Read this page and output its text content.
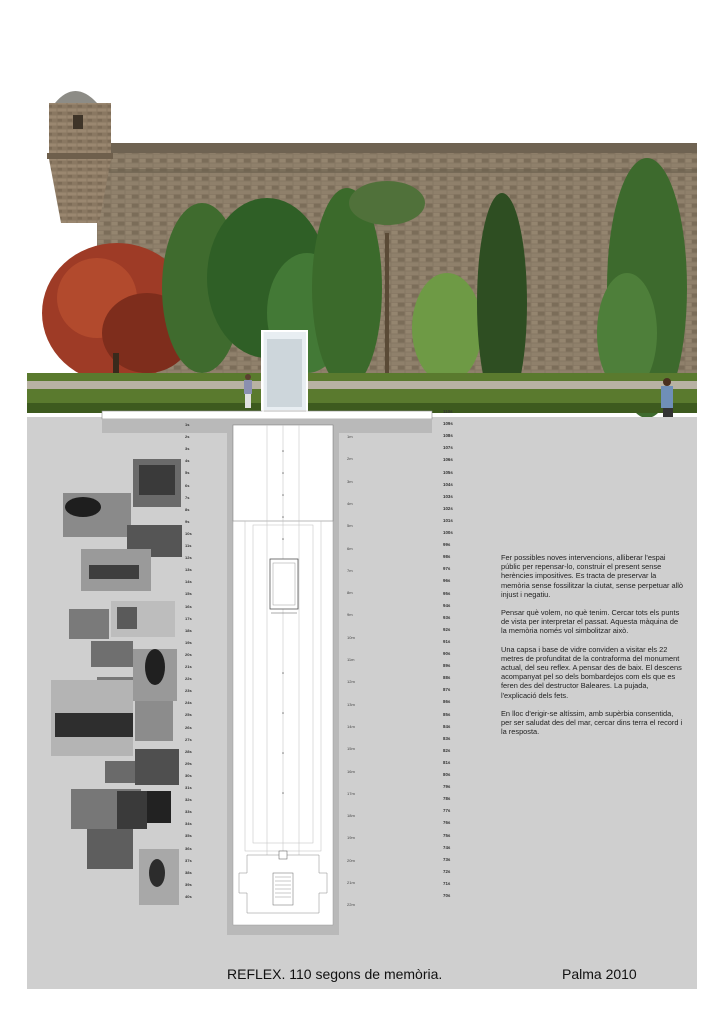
1s
2s
3s
4s
5s
6s
7s
8s
9s
10s
11s
12s
13s
14s
15s
16s
17s
18s
19s
20s
21s
22s
23s
24s
25s
26s
27s
28s
29s
30s
31s
32s
33s
34s
35s
36s
37s
38s
39s
40s
1m
2m
3m
4m
5m
6m
7m
8m
9m
10m
11m
12m
13m
14m
15m
16m
17m
18m
19m
20m
21m
22m
110s
109s
108s
107s
106s
105s
104s
103s
102s
101s
100s
99s
98s
97s
96s
95s
94s
93s
92s
91s
90s
89s
88s
87s
86s
85s
84s
83s
82s
81s
80s
79s
78s
77s
76s
75s
74s
73s
72s
71s
70s

Fer possibles noves intervencions, alliberar l'espai públic per repensar-lo, construir el present sense herències impositives. Es tracta de preservar la memòria sense fossilitzar la ciutat, sense perpetuar allò injust i negatiu.

Pensar què volem, no què tenim. Cercar tots els punts de vista per interpretar el passat. Aquesta màquina de la memòria només vol simbolitzar això.

Una capsa i base de vidre conviden a visitar els 22 metres de profunditat de la contraforma del monument actual, del seu reflex. A pensar des de baix. El descens acompanyat pel so dels bombardejos com els que es feren des del destructor Baleares. La pujada, l'explicació dels fets.

En lloc d'erigir-se altíssim, amb supèrbia consentida, per ser saludat des del mar, cercar dins terra el record i la resposta.

REFLEX. 110 segons de memòria.	Palma 2010
